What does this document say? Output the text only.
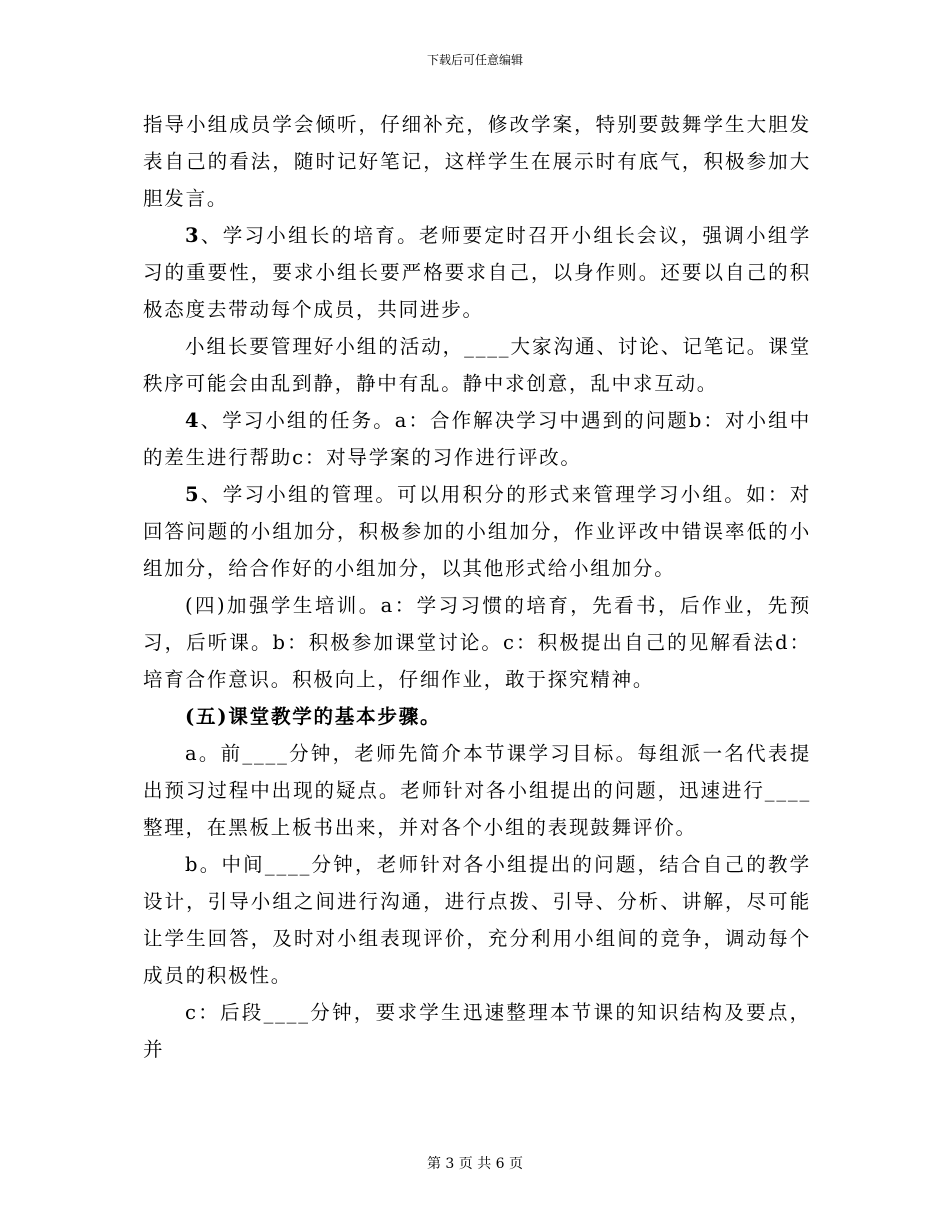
下载后可任意编辑

指导小组成员学会倾听，仔细补充，修改学案，特别要鼓舞学生大胆发表自己的看法，随时记好笔记，这样学生在展示时有底气，积极参加大胆发言。

3、学习小组长的培育。老师要定时召开小组长会议，强调小组学习的重要性，要求小组长要严格要求自己，以身作则。还要以自己的积极态度去带动每个成员，共同进步。

小组长要管理好小组的活动，____大家沟通、讨论、记笔记。课堂秩序可能会由乱到静，静中有乱。静中求创意，乱中求互动。

4、学习小组的任务。a：合作解决学习中遇到的问题b：对小组中的差生进行帮助c：对导学案的习作进行评改。

5、学习小组的管理。可以用积分的形式来管理学习小组。如：对回答问题的小组加分，积极参加的小组加分，作业评改中错误率低的小组加分，给合作好的小组加分，以其他形式给小组加分。

(四)加强学生培训。a：学习习惯的培育，先看书，后作业，先预习，后听课。b：积极参加课堂讨论。c：积极提出自己的见解看法d：培育合作意识。积极向上，仔细作业，敢于探究精神。

(五)课堂教学的基本步骤。

a。前____分钟，老师先简介本节课学习目标。每组派一名代表提出预习过程中出现的疑点。老师针对各小组提出的问题，迅速进行____整理，在黑板上板书出来，并对各个小组的表现鼓舞评价。

b。中间____分钟，老师针对各小组提出的问题，结合自己的教学设计，引导小组之间进行沟通，进行点拨、引导、分析、讲解，尽可能让学生回答，及时对小组表现评价，充分利用小组间的竞争，调动每个成员的积极性。

c：后段____分钟，要求学生迅速整理本节课的知识结构及要点，并

第 3 页 共 6 页
